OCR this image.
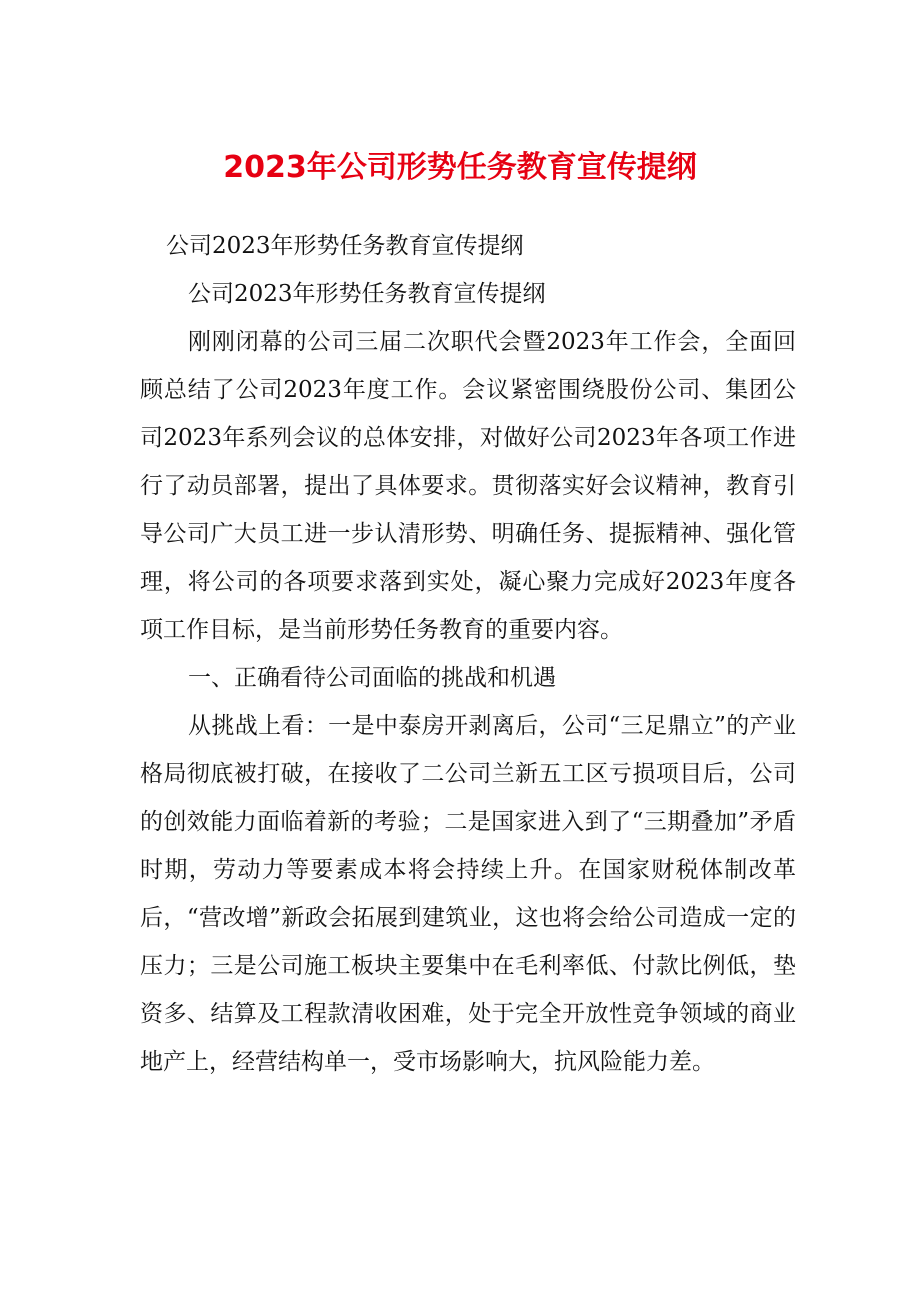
2023年公司形势任务教育宣传提纲

公司2023年形势任务教育宣传提纲

公司2023年形势任务教育宣传提纲

刚刚闭幕的公司三届二次职代会暨2023年工作会，全面回顾总结了公司2023年度工作。会议紧密围绕股份公司、集团公司2023年系列会议的总体安排，对做好公司2023年各项工作进行了动员部署，提出了具体要求。贯彻落实好会议精神，教育引导公司广大员工进一步认清形势、明确任务、提振精神、强化管理，将公司的各项要求落到实处，凝心聚力完成好2023年度各项工作目标，是当前形势任务教育的重要内容。

一、正确看待公司面临的挑战和机遇

从挑战上看：一是中泰房开剥离后，公司“三足鼎立”的产业格局彻底被打破，在接收了二公司兰新五工区亏损项目后，公司的创效能力面临着新的考验；二是国家进入到了“三期叠加”矛盾时期，劳动力等要素成本将会持续上升。在国家财税体制改革后，“营改增”新政会拓展到建筑业，这也将会给公司造成一定的压力；三是公司施工板块主要集中在毛利率低、付款比例低，垫资多、结算及工程款清收困难，处于完全开放性竞争领域的商业地产上，经营结构单一，受市场影响大，抗风险能力差。
